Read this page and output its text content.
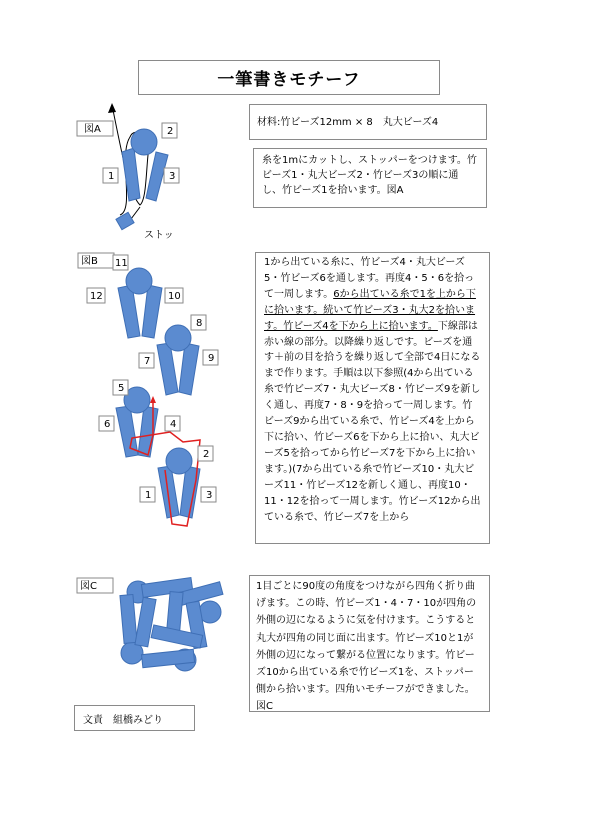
一筆書きモチーフ
材料:竹ビーズ12mm × 8　丸大ビーズ4
糸を1mにカットし、ストッパーをつけます。竹ビーズ1・丸大ビーズ2・竹ビーズ3の順に通し、竹ビーズ1を拾います。図A
1から出ている糸に、竹ビーズ4・丸大ビーズ5・竹ビーズ6を通します。再度4・5・6を拾って一周します。6から出ている糸で1を上から下に拾います。続いて竹ビーズ3・丸大2を拾います。竹ビーズ4を下から上に拾います。下線部は赤い線の部分。以降繰り返しです。ビーズを通す＋前の目を拾うを繰り返して全部で4日になるまで作ります。手順は以下参照(4から出ている糸で竹ビーズ7・丸大ビーズ8・竹ビーズ9を新しく通し、再度7・8・9を拾って一周します。竹ビーズ9から出ている糸で、竹ビーズ4を上から下に拾い、竹ビーズ6を下から上に拾い、丸大ビーズ5を拾ってから竹ビーズ7を下から上に拾います。)(7から出ている糸で竹ビーズ10・丸大ビーズ11・竹ビーズ12を新しく通し、再度10・11・12を拾って一周します。竹ビーズ12から出ている糸で、竹ビーズ7を上から
1目ごとに90度の角度をつけながら四角く折り曲げます。この時、竹ビーズ1・4・7・10が四角の外側の辺になるように気を付けます。こうすると丸大が四角の同じ面に出ます。竹ビーズ10と1が外側の辺になって繋がる位置になります。竹ビーズ10から出ている糸で竹ビーズ1を、ストッパー側から拾います。四角いモチーフができました。図C
文責　組橋みどり
図A
1
2
3
ストッ
図B 11
12	10
8
7	9
5
6	4
2
1	3
図C
